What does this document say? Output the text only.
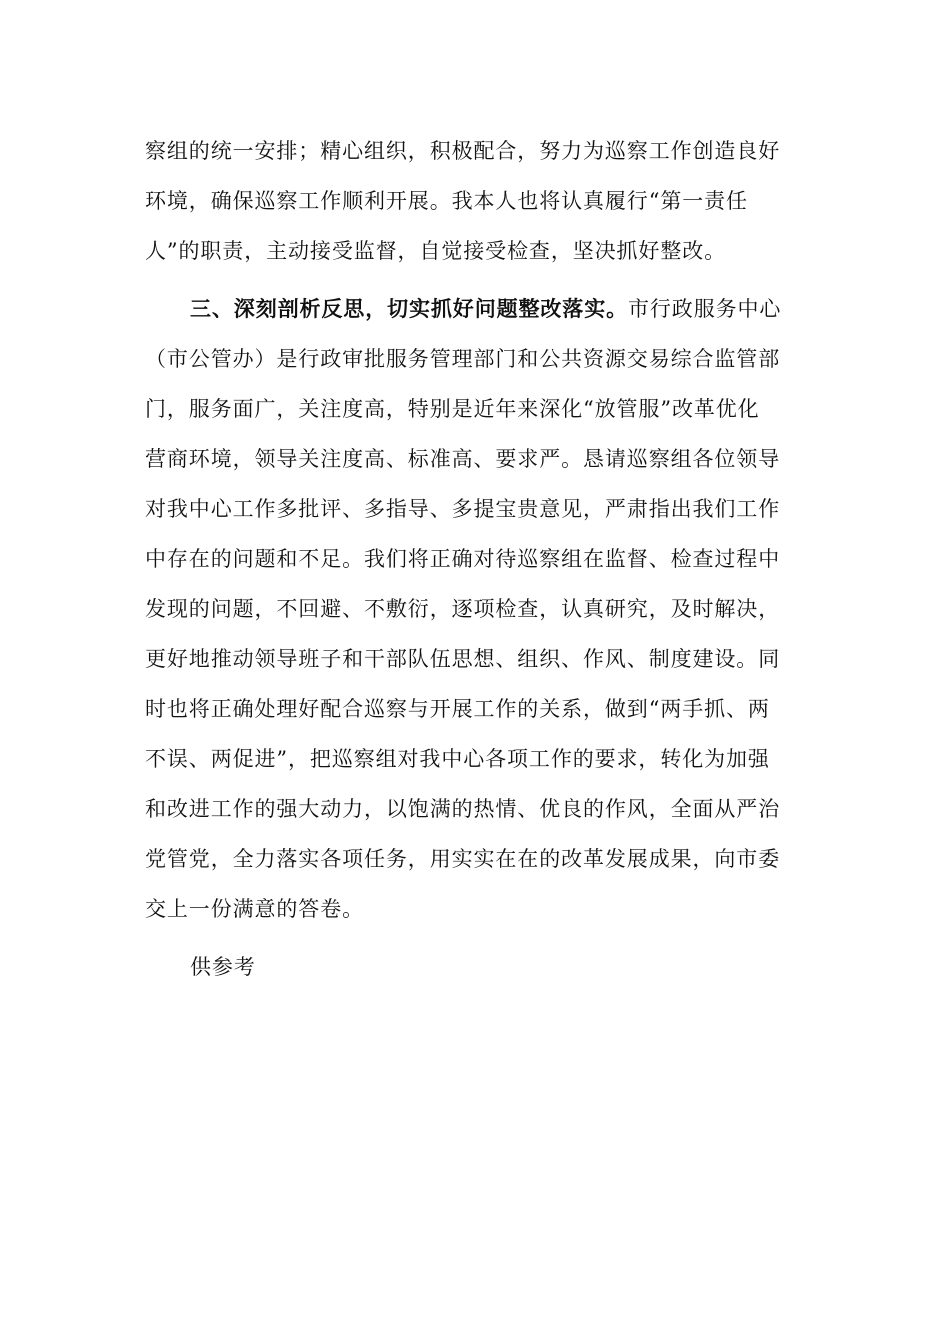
察组的统一安排；精心组织，积极配合，努力为巡察工作创造良好
环境，确保巡察工作顺利开展。我本人也将认真履行“第一责任
人”的职责，主动接受监督，自觉接受检查，坚决抓好整改。
三、深刻剖析反思，切实抓好问题整改落实。市行政服务中心
（市公管办）是行政审批服务管理部门和公共资源交易综合监管部
门，服务面广，关注度高，特别是近年来深化“放管服”改革优化
营商环境，领导关注度高、标准高、要求严。恳请巡察组各位领导
对我中心工作多批评、多指导、多提宝贵意见，严肃指出我们工作
中存在的问题和不足。我们将正确对待巡察组在监督、检查过程中
发现的问题，不回避、不敷衍，逐项检查，认真研究，及时解决，
更好地推动领导班子和干部队伍思想、组织、作风、制度建设。同
时也将正确处理好配合巡察与开展工作的关系，做到“两手抓、两
不误、两促进”，把巡察组对我中心各项工作的要求，转化为加强
和改进工作的强大动力，以饱满的热情、优良的作风，全面从严治
党管党，全力落实各项任务，用实实在在的改革发展成果，向市委
交上一份满意的答卷。
供参考
